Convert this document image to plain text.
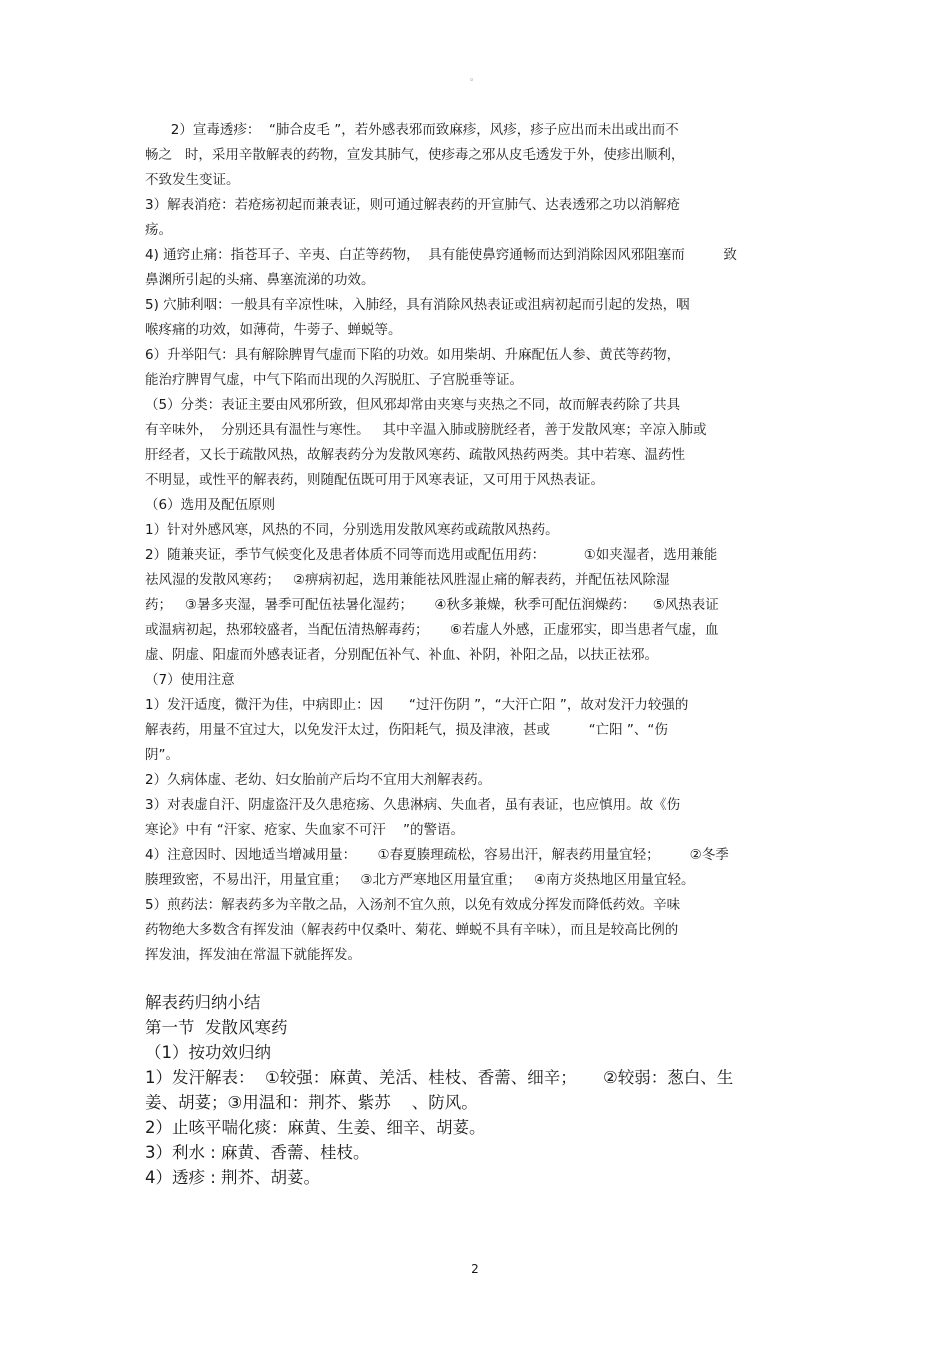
。
2）宣毒透疹：  “肺合皮毛 ”，若外感表邪而致麻疹，风疹，疹子应出而未出或出而不
畅之   时，采用辛散解表的药物，宣发其肺气，使疹毒之邪从皮毛透发于外，使疹出顺利，
不致发生变证。
3）解表消疮：若疮疡初起而兼表证，则可通过解表药的开宣肺气、达表透邪之功以消解疮
疡。
4) 通窍止痛：指苍耳子、辛夷、白芷等药物，  具有能使鼻窍通畅而达到消除因风邪阻塞而         致
鼻渊所引起的头痛、鼻塞流涕的功效。
5) 穴肺利咽：一般具有辛凉性味，入肺经，具有消除风热表证或沮病初起而引起的发热，咽
喉疼痛的功效，如薄荷，牛蒡子、蝉蜕等。
6）升举阳气：具有解除脾胃气虚而下陷的功效。如用柴胡、升麻配伍人参、黄芪等药物，
能治疗脾胃气虚，中气下陷而出现的久泻脱肛、子宫脱垂等证。
（5）分类：表证主要由风邪所致，但风邪却常由夹寒与夹热之不同，故而解表药除了共具
有辛味外，  分别还具有温性与寒性。   其中辛温入肺或膀胱经者，善于发散风寒；辛凉入肺或
肝经者，又长于疏散风热，故解表药分为发散风寒药、疏散风热药两类。其中若寒、温药性
不明显，或性平的解表药，则随配伍既可用于风寒表证，又可用于风热表证。
（6）选用及配伍原则
1）针对外感风寒，风热的不同，分别选用发散风寒药或疏散风热药。
2）随兼夹证，季节气候变化及患者体质不同等而选用或配伍用药：         ①如夹湿者，选用兼能
祛风湿的发散风寒药；   ②痹病初起，选用兼能祛风胜湿止痛的解表药，并配伍祛风除湿
药；   ③暑多夹湿，暑季可配伍祛暑化湿药；     ④秋多兼燥，秋季可配伍润燥药：    ⑤风热表证
或温病初起，热邪较盛者，当配伍清热解毒药；     ⑥若虚人外感，正虚邪实，即当患者气虚，血
虚、阴虚、阳虚而外感表证者，分别配伍补气、补血、补阴，补阳之品，以扶正祛邪。
（7）使用注意
1）发汗适度，微汗为佳，中病即止：因      “过汗伤阴 ”，“大汗亡阳 ”，故对发汗力较强的
解表药，用量不宜过大，以免发汗太过，伤阳耗气，损及津液，甚或         “亡阳 ”、“伤
阴”。
2）久病体虚、老幼、妇女胎前产后均不宜用大剂解表药。
3）对表虚自汗、阴虚盗汗及久患疮疡、久患淋病、失血者，虽有表证，也应慎用。故《伤
寒论》中有 “汗家、疮家、失血家不可汗    ”的警语。
4）注意因时、因地适当增减用量：     ①春夏腠理疏松，容易出汗，解表药用量宜轻；       ②冬季
腠理致密，不易出汗，用量宜重；   ③北方严寒地区用量宜重；   ④南方炎热地区用量宜轻。
5）煎药法：解表药多为辛散之品，入汤剂不宜久煎，以免有效成分挥发而降低药效。辛味
药物绝大多数含有挥发油（解表药中仅桑叶、菊花、蝉蜕不具有辛味），而且是较高比例的
挥发油，挥发油在常温下就能挥发。
解表药归纳小结
第一节  发散风寒药
（1）按功效归纳
1）发汗解表：  ①较强：麻黄、羌活、桂枝、香薷、细辛；     ②较弱：葱白、生
姜、胡荽；③用温和：荆芥、紫苏    、防风。
2）止咳平喘化痰：麻黄、生姜、细辛、胡荽。
3）利水 : 麻黄、香薷、桂枝。
4）透疹 : 荆芥、胡荽。
2
